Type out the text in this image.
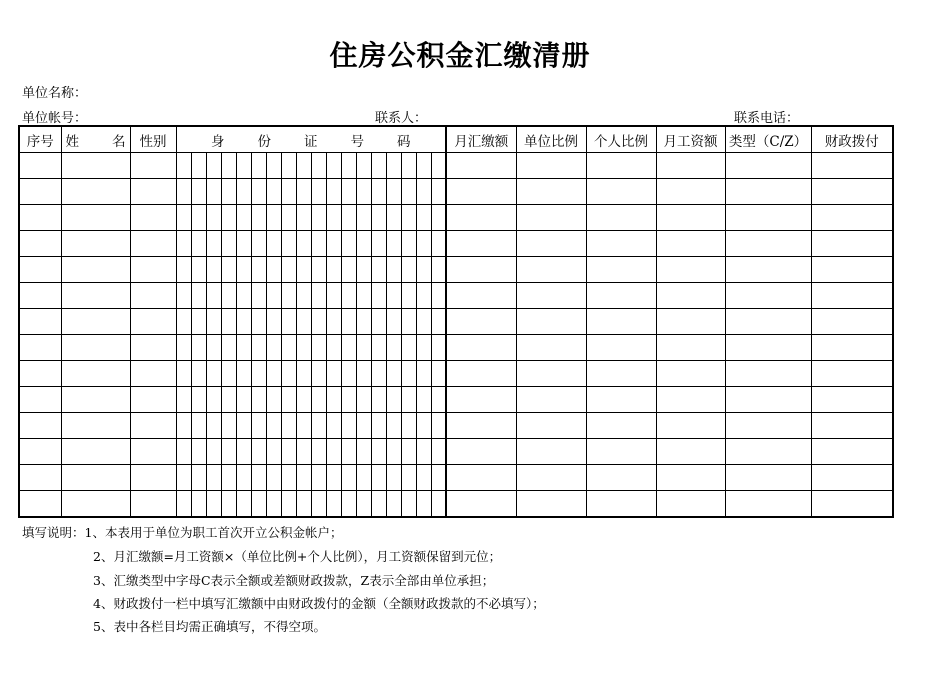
住房公积金汇缴清册
单位名称：
单位帐号：	联系人：	联系电话：
序号	姓 名	性别	身 份 证 号 码																		月汇缴额	单位比例	个人比例	月工资额	类型（C/Z）	财政拨付

填写说明：1、本表用于单位为职工首次开立公积金帐户；
2、月汇缴额=月工资额×（单位比例+个人比例），月工资额保留到元位；
3、汇缴类型中字母C表示全额或差额财政拨款，Z表示全部由单位承担；
4、财政拨付一栏中填写汇缴额中由财政拨付的金额（全额财政拨款的不必填写）；
5、表中各栏目均需正确填写，不得空项。
